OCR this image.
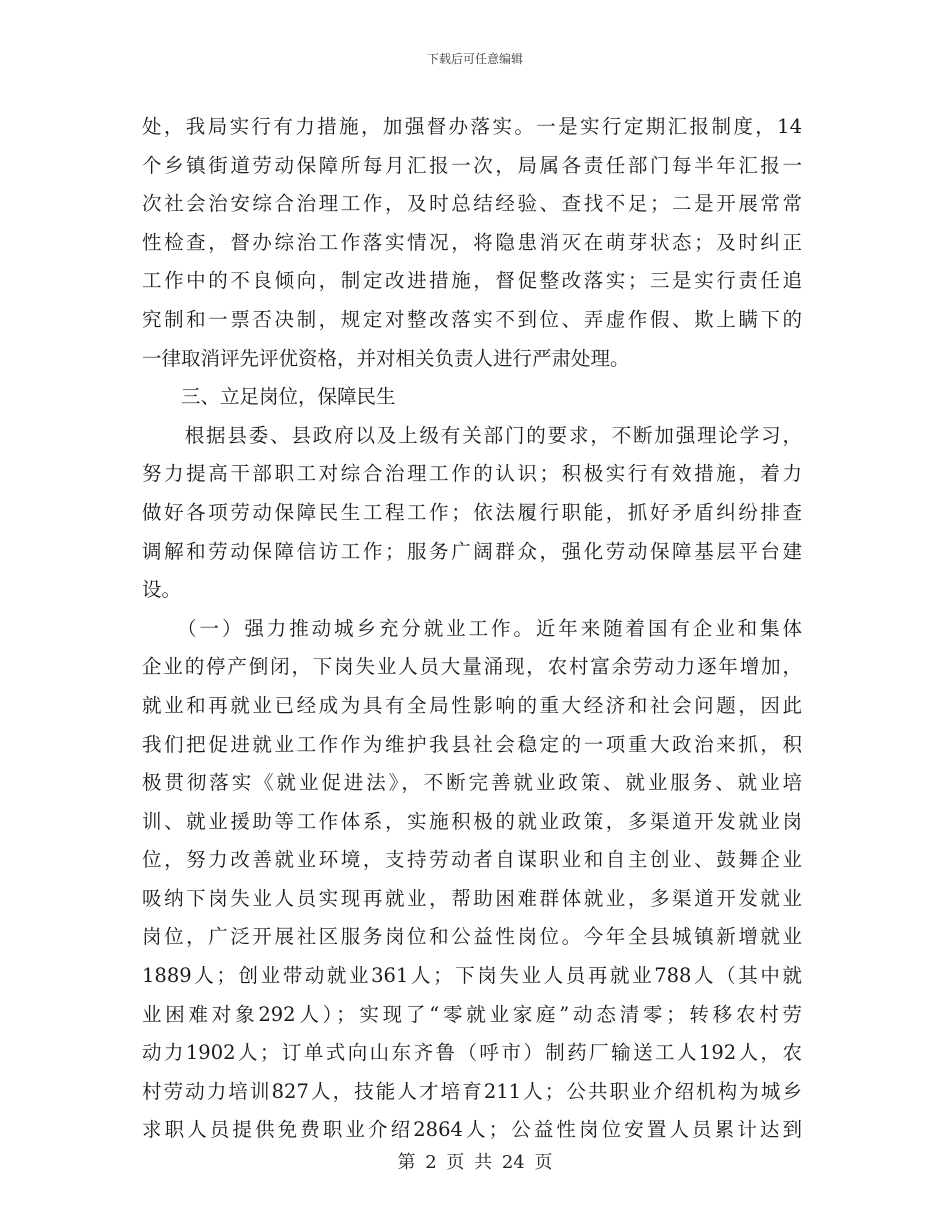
下载后可任意编辑
处，我局实行有力措施，加强督办落实。一是实行定期汇报制度，14
个乡镇街道劳动保障所每月汇报一次，局属各责任部门每半年汇报一
次社会治安综合治理工作，及时总结经验、查找不足；二是开展常常
性检查，督办综治工作落实情况，将隐患消灭在萌芽状态；及时纠正
工作中的不良倾向，制定改进措施，督促整改落实；三是实行责任追
究制和一票否决制，规定对整改落实不到位、弄虚作假、欺上瞒下的
一律取消评先评优资格，并对相关负责人进行严肃处理。
　　三、立足岗位，保障民生
　　根据县委、县政府以及上级有关部门的要求，不断加强理论学习，
努力提高干部职工对综合治理工作的认识；积极实行有效措施，着力
做好各项劳动保障民生工程工作；依法履行职能，抓好矛盾纠纷排查
调解和劳动保障信访工作；服务广阔群众，强化劳动保障基层平台建
设。
　　（一）强力推动城乡充分就业工作。近年来随着国有企业和集体
企业的停产倒闭，下岗失业人员大量涌现，农村富余劳动力逐年增加，
就业和再就业已经成为具有全局性影响的重大经济和社会问题，因此
我们把促进就业工作作为维护我县社会稳定的一项重大政治来抓，积
极贯彻落实《就业促进法》，不断完善就业政策、就业服务、就业培
训、就业援助等工作体系，实施积极的就业政策，多渠道开发就业岗
位，努力改善就业环境，支持劳动者自谋职业和自主创业、鼓舞企业
吸纳下岗失业人员实现再就业，帮助困难群体就业，多渠道开发就业
岗位，广泛开展社区服务岗位和公益性岗位。今年全县城镇新增就业
1889人；创业带动就业361人；下岗失业人员再就业788人（其中就
业困难对象292人）；实现了“零就业家庭”动态清零；转移农村劳
动力1902人；订单式向山东齐鲁（呼市）制药厂输送工人192人，农
村劳动力培训827人，技能人才培育211人；公共职业介绍机构为城乡
求职人员提供免费职业介绍2864人；公益性岗位安置人员累计达到
第 2 页 共 24 页
